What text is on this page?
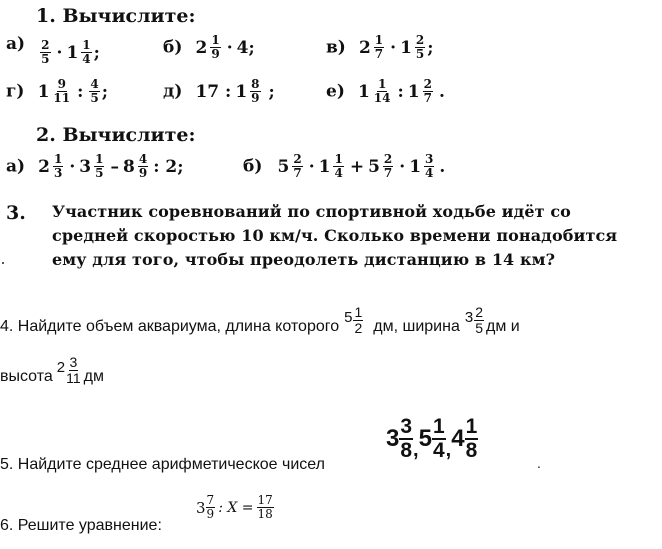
1. Вычислите:
$а) \frac{2}{5} \cdot 1 \frac{1}{4}$ ;	б) $2 \frac{1}{9} \cdot 4$;	в) $2 \frac{1}{7} \cdot 1 \frac{2}{5}$ ;
г) $1 \frac{9}{11}$ : $\frac{4}{5}$ ;	д) 17 : $1 \frac{8}{9}$ ;	е) $1 \frac{1}{14}$ : $1 \frac{2}{7}$ .
2. Вычислите:
а) $2 \frac{1}{3} \cdot 3 \frac{1}{5} - 8 \frac{4}{9}$ : 2;	б) $5 \frac{2}{7} \cdot 1 \frac{1}{4} + 5 \frac{2}{7} \cdot 1 \frac{3}{4}$ .
3. Участник соревнований по спортивной ходьбе идёт со
средней скоростью 10 км/ч. Сколько времени понадобится
ему для того, чтобы преодолеть дистанцию в 14 км?
4. Найдите объем аквариума, длина которого
$5 \frac{1}{2}$ дм, ширина
$3 \frac{2}{5}$ дм и
высота
$2 \frac{3}{11}$ дм
5. Найдите среднее арифметическое чисел
$3 \frac{3}{8}$ , $5 \frac{1}{4}$ , $4 \frac{1}{8}$
.
6. Решите уравнение:
$3 \frac{7}{9}$ : $X = \frac{17}{18}$
